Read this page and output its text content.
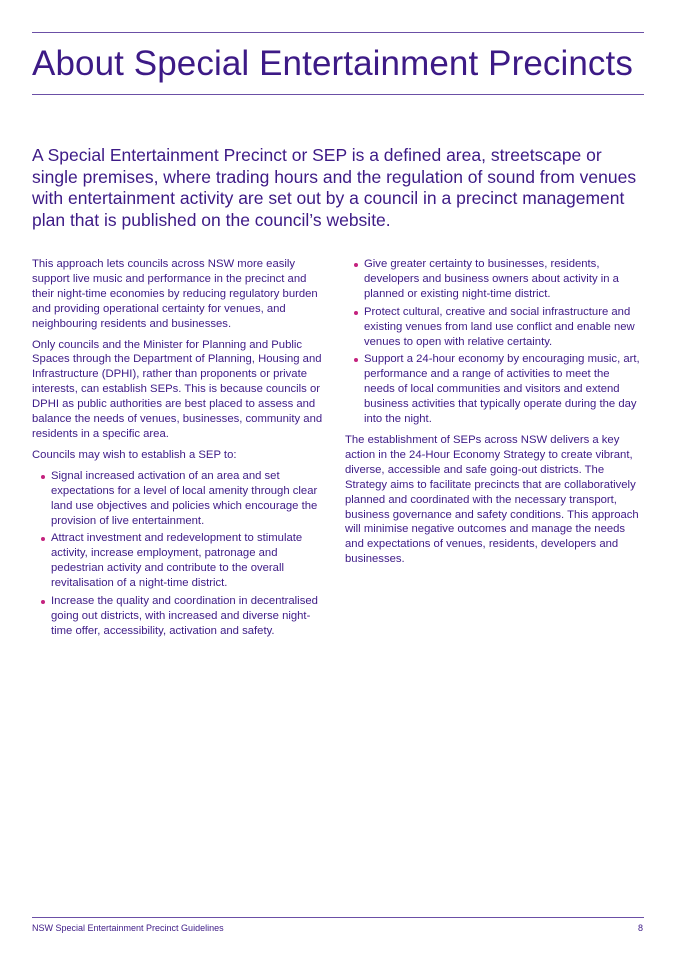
About Special Entertainment Precincts

A Special Entertainment Precinct or SEP is a defined area, streetscape or single premises, where trading hours and the regulation of sound from venues with entertainment activity are set out by a council in a precinct management plan that is published on the council’s website.

This approach lets councils across NSW more easily support live music and performance in the precinct and their night-time economies by reducing regulatory burden and providing operational certainty for venues, and neighbouring residents and businesses.

Only councils and the Minister for Planning and Public Spaces through the Department of Planning, Housing and Infrastructure (DPHI), rather than proponents or private interests, can establish SEPs. This is because councils or DPHI as public authorities are best placed to assess and balance the needs of venues, businesses, community and residents in a specific area.

Councils may wish to establish a SEP to:

Signal increased activation of an area and set expectations for a level of local amenity through clear land use objectives and policies which encourage the provision of live entertainment.
Attract investment and redevelopment to stimulate activity, increase employment, patronage and pedestrian activity and contribute to the overall revitalisation of a night-time district.
Increase the quality and coordination in decentralised going out districts, with increased and diverse night-time offer, accessibility, activation and safety.
Give greater certainty to businesses, residents, developers and business owners about activity in a planned or existing night-time district.
Protect cultural, creative and social infrastructure and existing venues from land use conflict and enable new venues to open with relative certainty.
Support a 24-hour economy by encouraging music, art, performance and a range of activities to meet the needs of local communities and visitors and extend business activities that typically operate during the day into the night.

The establishment of SEPs across NSW delivers a key action in the 24-Hour Economy Strategy to create vibrant, diverse, accessible and safe going-out districts. The Strategy aims to facilitate precincts that are collaboratively planned and coordinated with the necessary transport, business governance and safety conditions. This approach will minimise negative outcomes and manage the needs and expectations of venues, residents, developers and businesses.

NSW Special Entertainment Precinct Guidelines	8
